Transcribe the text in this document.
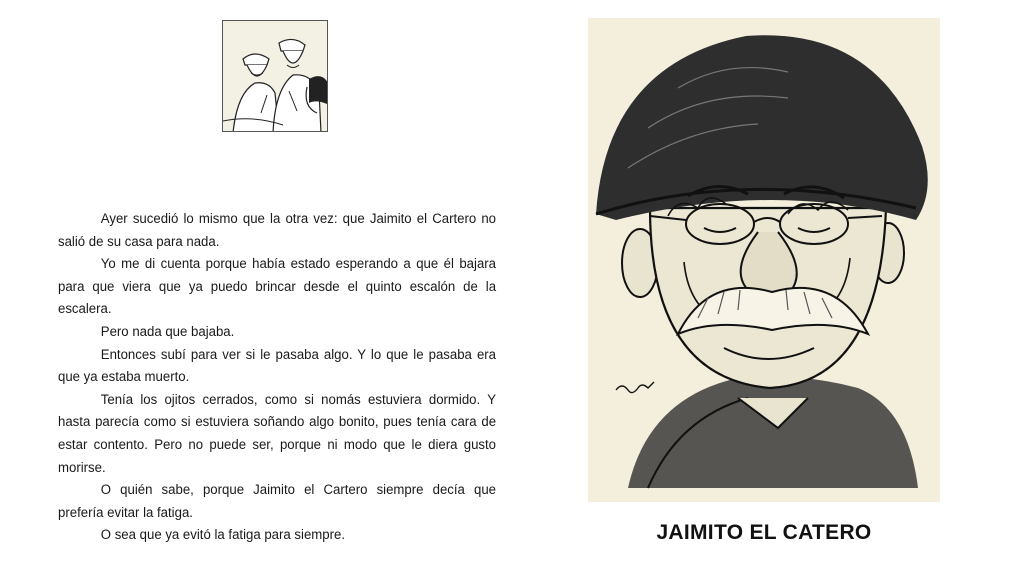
Ayer sucedió lo mismo que la otra vez: que Jaimito el Cartero no salió de su casa para nada.

Yo me di cuenta porque había estado esperando a que él bajara para que viera que ya puedo brincar desde el quinto escalón de la escalera.

Pero nada que bajaba.

Entonces subí para ver si le pasaba algo. Y lo que le pasaba era que ya estaba muerto.

Tenía los ojitos cerrados, como si nomás estuviera dormido. Y hasta parecía como si estuviera soñando algo bonito, pues tenía cara de estar contento. Pero no puede ser, porque ni modo que le diera gusto morirse.

O quién sabe, porque Jaimito el Cartero siempre decía que prefería evitar la fatiga.

O sea que ya evitó la fatiga para siempre.	JAIMITO EL CATERO
